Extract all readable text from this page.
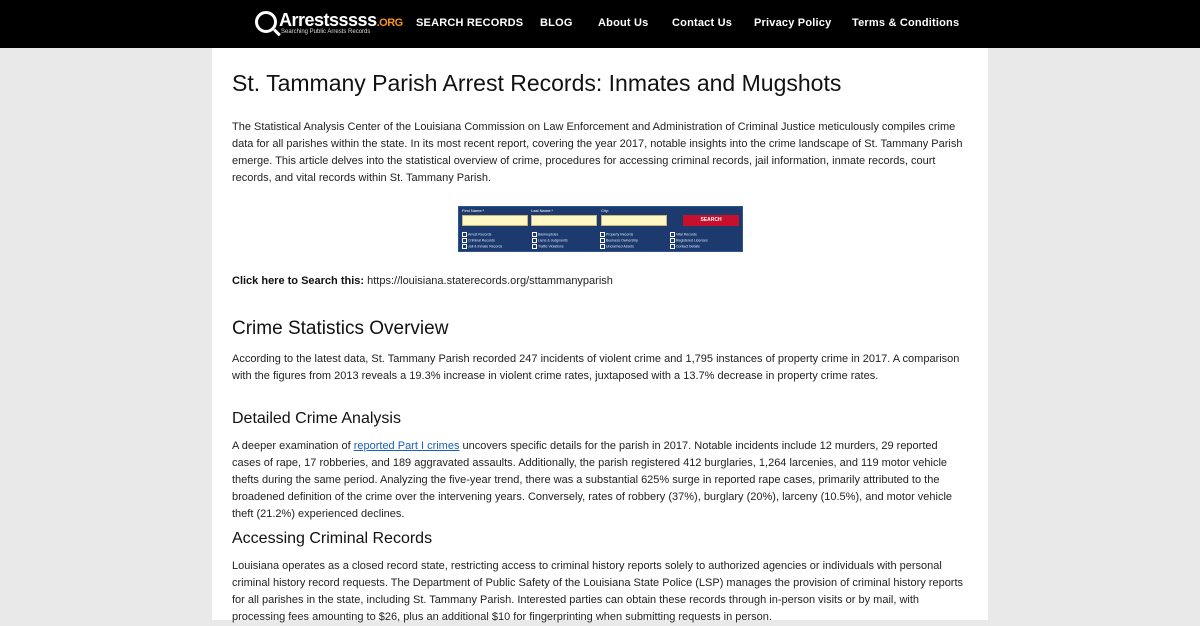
Arrestsssss.ORG
Searching Public Arrests Records
SEARCH RECORDS BLOG About Us Contact Us Privacy Policy Terms & Conditions
St. Tammany Parish Arrest Records: Inmates and Mugshots

The Statistical Analysis Center of the Louisiana Commission on Law Enforcement and Administration of Criminal Justice meticulously compiles crime data for all parishes within the state. In its most recent report, covering the year 2017, notable insights into the crime landscape of St. Tammany Parish emerge. This article delves into the statistical overview of crime, procedures for accessing criminal records, jail information, inmate records, court records, and vital records within St. Tammany Parish.

First Name:*	Last Name:*	City:
SEARCH
Arrest Records	Bankruptcies	Property Records	Vital Records
Criminal Records	Liens & Judgments	Business Ownership	Registered Licenses
Jail & Inmate Records	Traffic Violations	Unclaimed Assets	Contact Details
Click here to Search this: https://louisiana.staterecords.org/sttammanyparish
Crime Statistics Overview

According to the latest data, St. Tammany Parish recorded 247 incidents of violent crime and 1,795 instances of property crime in 2017. A comparison with the figures from 2013 reveals a 19.3% increase in violent crime rates, juxtaposed with a 13.7% decrease in property crime rates.

Detailed Crime Analysis

A deeper examination of reported Part I crimes uncovers specific details for the parish in 2017. Notable incidents include 12 murders, 29 reported cases of rape, 17 robberies, and 189 aggravated assaults. Additionally, the parish registered 412 burglaries, 1,264 larcenies, and 119 motor vehicle thefts during the same period. Analyzing the five-year trend, there was a substantial 625% surge in reported rape cases, primarily attributed to the broadened definition of the crime over the intervening years. Conversely, rates of robbery (37%), burglary (20%), larceny (10.5%), and motor vehicle theft (21.2%) experienced declines.

Accessing Criminal Records

Louisiana operates as a closed record state, restricting access to criminal history reports solely to authorized agencies or individuals with personal criminal history record requests. The Department of Public Safety of the Louisiana State Police (LSP) manages the provision of criminal history reports for all parishes in the state, including St. Tammany Parish. Interested parties can obtain these records through in-person visits or by mail, with processing fees amounting to $26, plus an additional $10 for fingerprinting when submitting requests in person.
